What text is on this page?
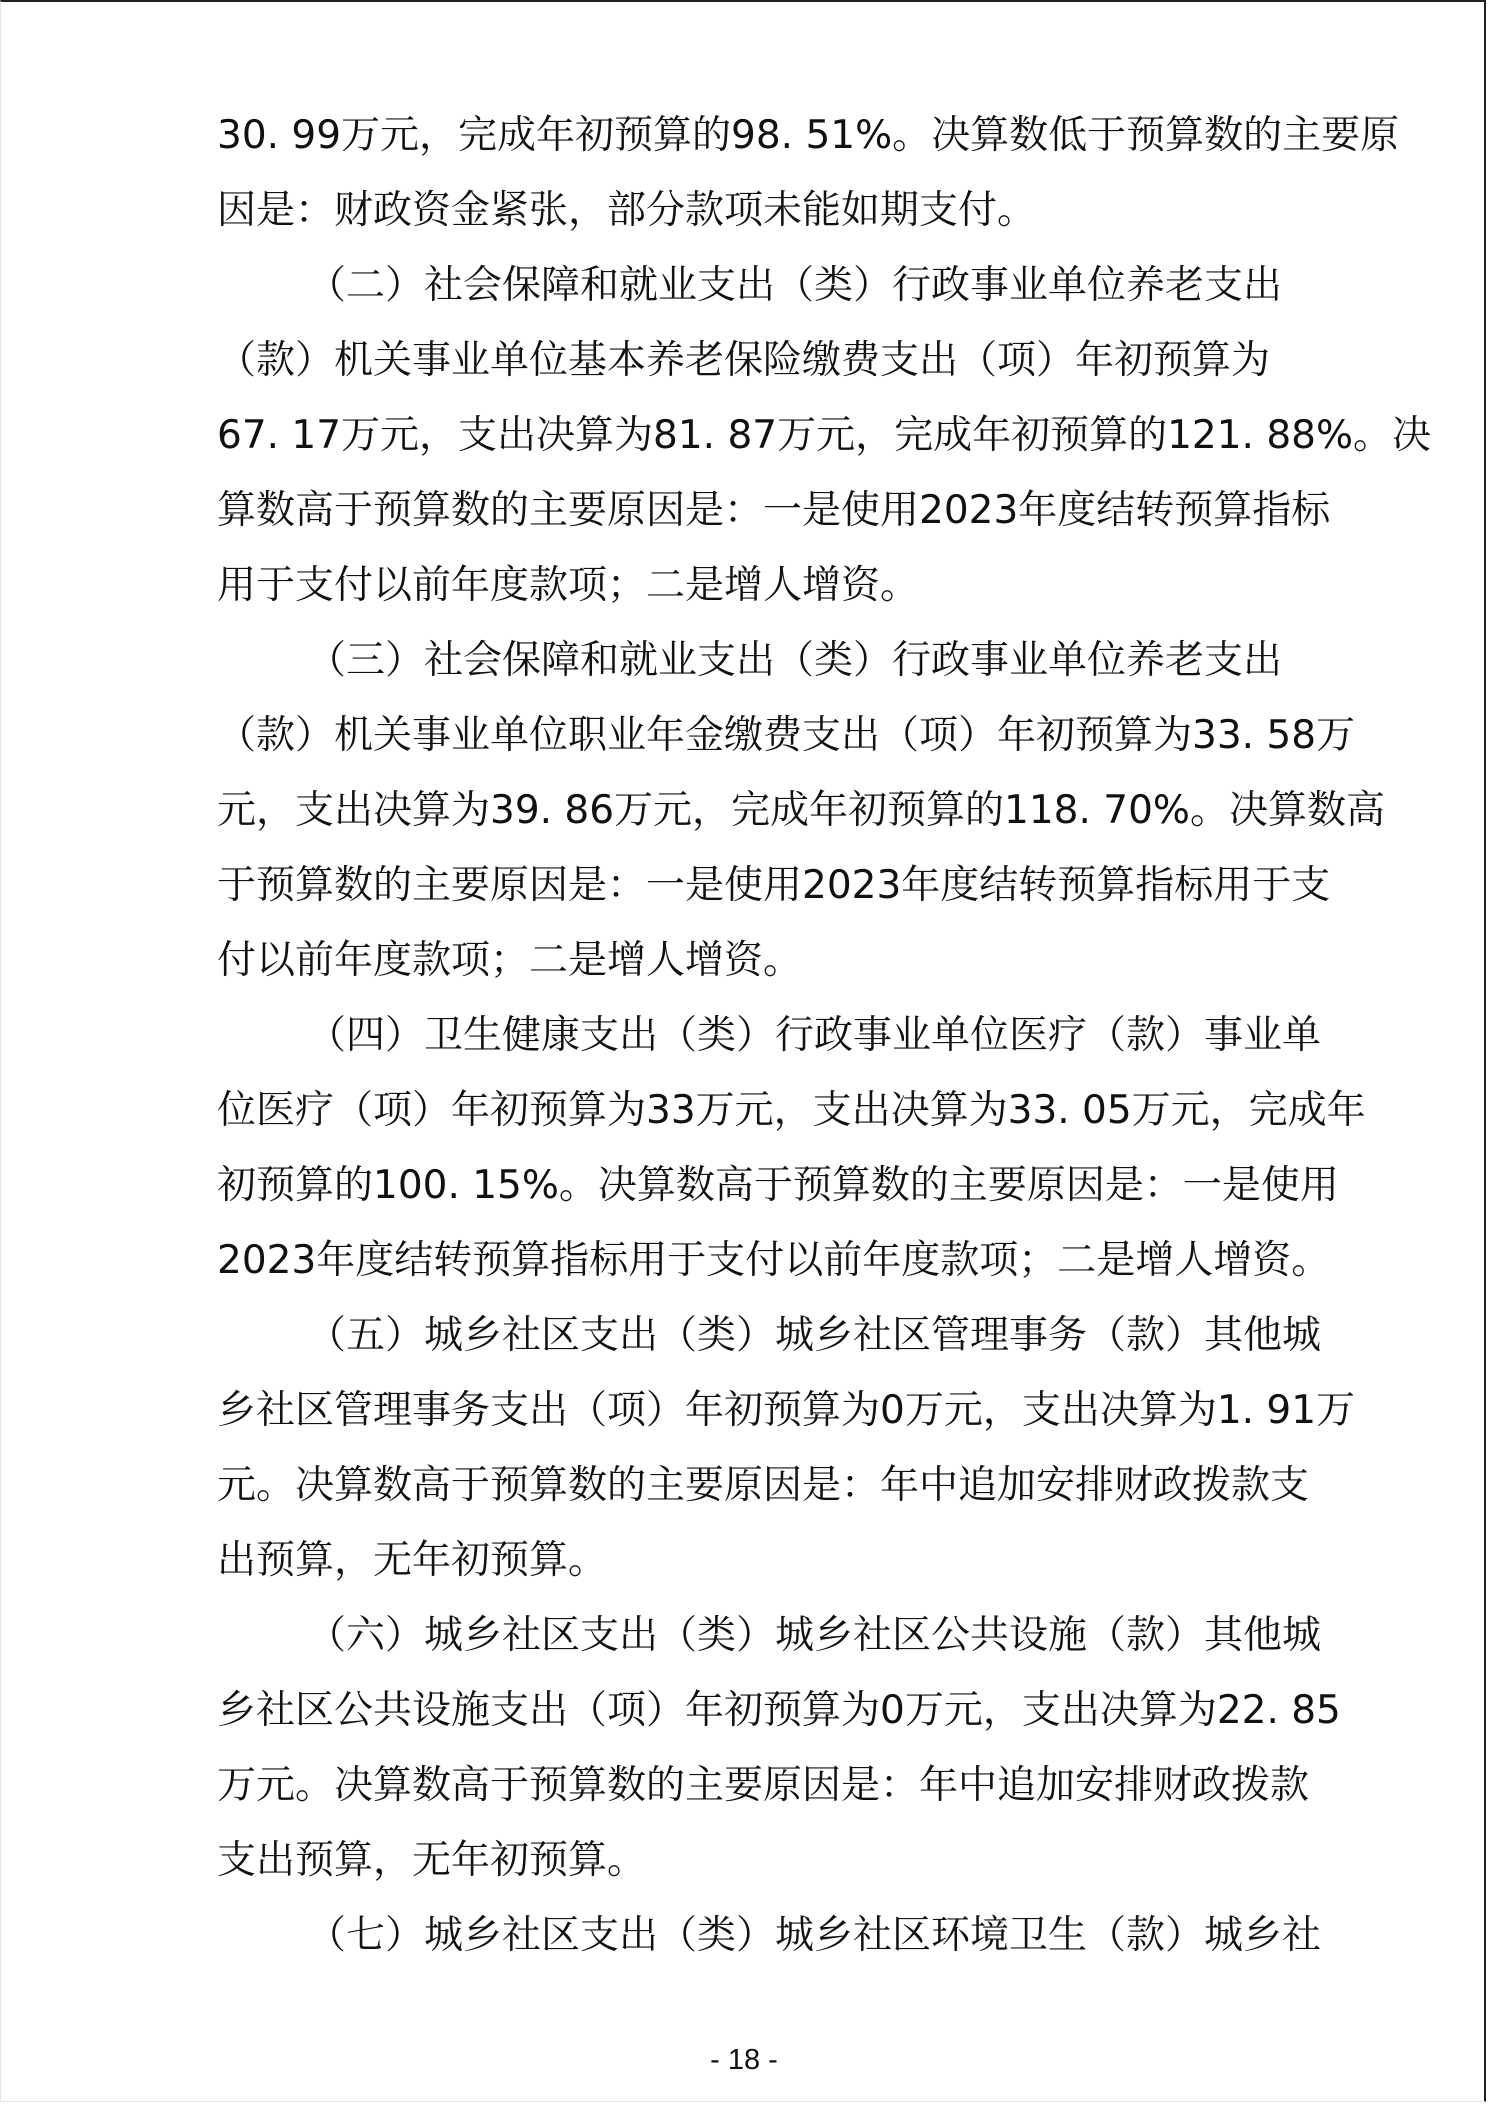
30. 99万元，完成年初预算的98. 51%。决算数低于预算数的主要原
因是：财政资金紧张，部分款项未能如期支付。
（二）社会保障和就业支出（类）行政事业单位养老支出
（款）机关事业单位基本养老保险缴费支出（项）年初预算为
67. 17万元，支出决算为81. 87万元，完成年初预算的121. 88%。决
算数高于预算数的主要原因是：一是使用2023年度结转预算指标
用于支付以前年度款项；二是增人增资。
（三）社会保障和就业支出（类）行政事业单位养老支出
（款）机关事业单位职业年金缴费支出（项）年初预算为33. 58万
元，支出决算为39. 86万元，完成年初预算的118. 70%。决算数高
于预算数的主要原因是：一是使用2023年度结转预算指标用于支
付以前年度款项；二是增人增资。
（四）卫生健康支出（类）行政事业单位医疗（款）事业单
位医疗（项）年初预算为33万元，支出决算为33. 05万元，完成年
初预算的100. 15%。决算数高于预算数的主要原因是：一是使用
2023年度结转预算指标用于支付以前年度款项；二是增人增资。
（五）城乡社区支出（类）城乡社区管理事务（款）其他城
乡社区管理事务支出（项）年初预算为0万元，支出决算为1. 91万
元。决算数高于预算数的主要原因是：年中追加安排财政拨款支
出预算，无年初预算。
（六）城乡社区支出（类）城乡社区公共设施（款）其他城
乡社区公共设施支出（项）年初预算为0万元，支出决算为22. 85
万元。决算数高于预算数的主要原因是：年中追加安排财政拨款
支出预算，无年初预算。
（七）城乡社区支出（类）城乡社区环境卫生（款）城乡社
- 18 -
